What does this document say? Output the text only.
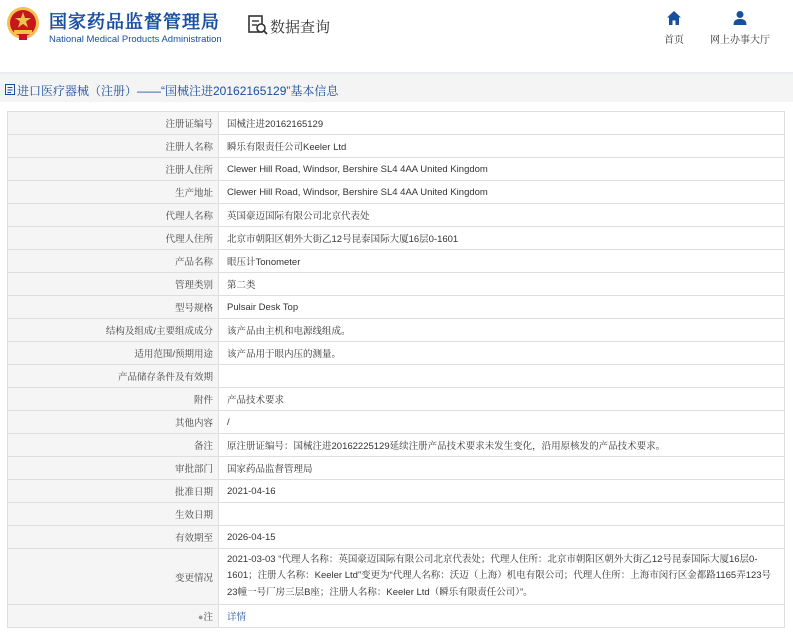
国家药品监督管理局
National Medical Products Administration
数据查询
首页	网上办事大厅
进口医疗器械（注册）——“国械注进20162165129”基本信息
注册证编号	国械注进20162165129
注册人名称	瞬乐有限责任公司Keeler Ltd
注册人住所	Clewer Hill Road, Windsor, Bershire SL4 4AA United Kingdom
生产地址	Clewer Hill Road, Windsor, Bershire SL4 4AA United Kingdom
代理人名称	英国豪迈国际有限公司北京代表处
代理人住所	北京市朝阳区朝外大街乙12号昆泰国际大厦16层0-1601
产品名称	眼压计Tonometer
管理类别	第二类
型号规格	Pulsair Desk Top
结构及组成/主要组成成分	该产品由主机和电源线组成。
适用范围/预期用途	该产品用于眼内压的测量。
产品储存条件及有效期	
附件	产品技术要求
其他内容	/
备注	原注册证编号：国械注进20162225129延续注册产品技术要求未发生变化，沿用原核发的产品技术要求。
审批部门	国家药品监督管理局
批准日期	2021-04-16
生效日期	
有效期至	2026-04-15
变更情况	2021-03-03 “代理人名称：英国豪迈国际有限公司北京代表处；代理人住所：北京市朝阳区朝外大街乙12号昆泰国际大厦16层0-1601；注册人名称：Keeler Ltd”变更为“代理人名称：沃迈（上海）机电有限公司；代理人住所：上海市闵行区金都路1165弄123号23幢一号厂房三层B座；注册人名称：Keeler Ltd（瞬乐有限责任公司）”。
●注	详情
